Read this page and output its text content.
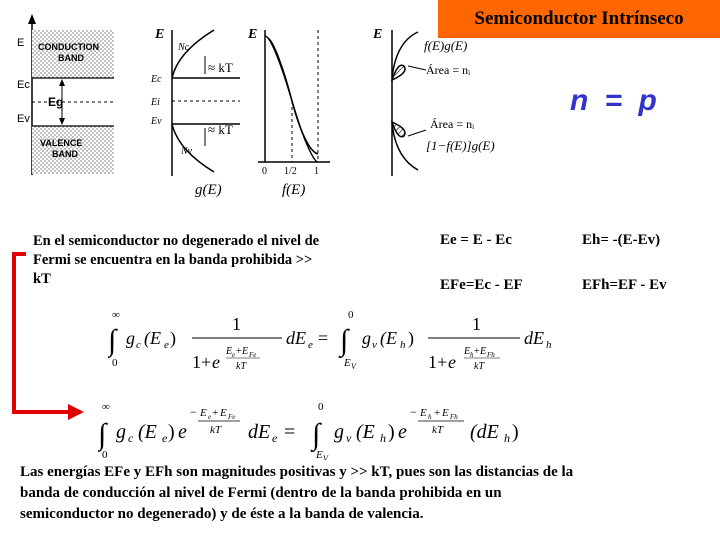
Semiconductor Intrínseco
n = p
E CONDUCTION
BAND
Ec
Eg
Ev
VALENCE
BAND
E
Nc
Ec
Ei
Ev
Nv
≈ kT
≈ kT
g(E)
E
0 1/2 1
f(E)
E
f(E)g(E)
Área = nᵢ
Área = nᵢ
[1−f(E)]g(E)
En el semiconductor no degenerado el nivel de Fermi se encuentra en la banda prohibida >> kT
Ee = E - Ec	Eh= -(E-Ev)
EFe=Ec - EF	EFh=EF - Ev
∞
∫
0
g c (E e )
1
1+ e
E e + E Fe
kT
dE e =
0
∫
E V
g v (E h )
1
1+ e
E h + E Fh
kT
dE h
∞
∫
0
g c (E e ) e
− E e + E Fe
kT dE e =
0
∫
E V
g v (E h ) e
− E h + E Fh
kT (dE h )
Las energías EFe y EFh son magnitudes positivas y >> kT, pues son las distancias de la
banda de conducción al nivel de Fermi (dentro de la banda prohibida en un
semiconductor no degenerado) y de éste a la banda de valencia.
